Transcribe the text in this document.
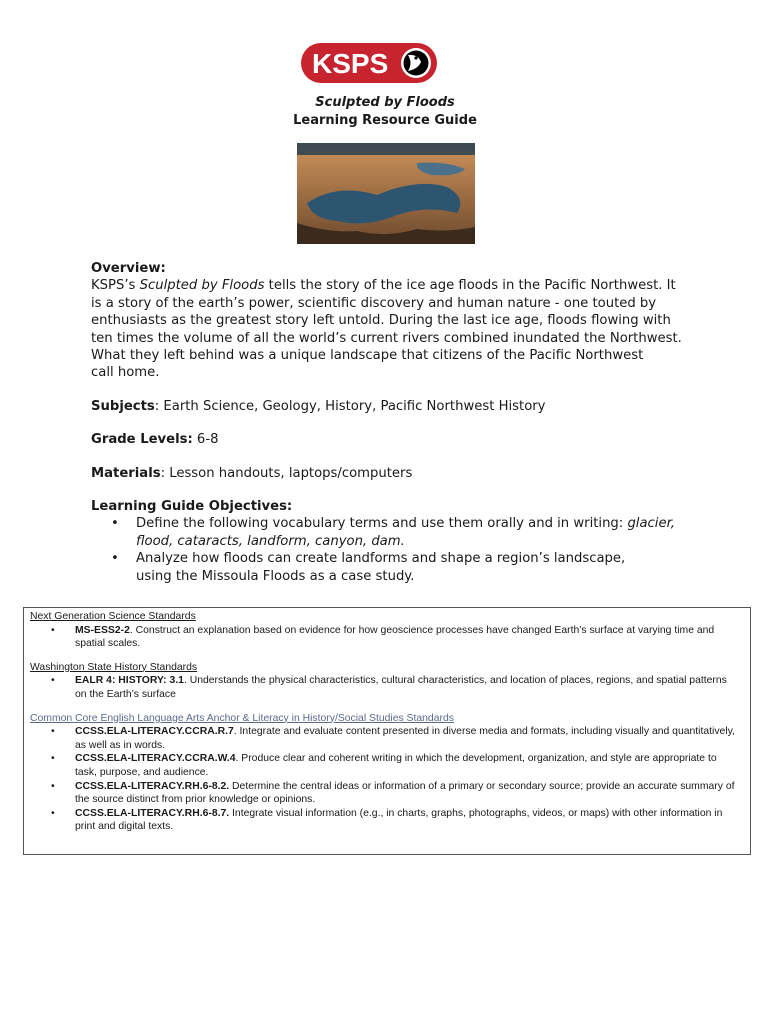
KSPS
Sculpted by Floods
Learning Resource Guide

Overview:

KSPS’s Sculpted by Floods tells the story of the ice age floods in the Pacific Northwest. It

is a story of the earth’s power, scientific discovery and human nature - one touted by

enthusiasts as the greatest story left untold. During the last ice age, floods flowing with

ten times the volume of all the world’s current rivers combined inundated the Northwest.

What they left behind was a unique landscape that citizens of the Pacific Northwest

call home.

Subjects: Earth Science, Geology, History, Pacific Northwest History

Grade Levels: 6-8

Materials: Lesson handouts, laptops/computers

Learning Guide Objectives:

• Define the following vocabulary terms and use them orally and in writing: glacier,
flood, cataracts, landform, canyon, dam.
• Analyze how floods can create landforms and shape a region’s landscape,
using the Missoula Floods as a case study.

Next Generation Science Standards

• MS-ESS2-2. Construct an explanation based on evidence for how geoscience processes have changed Earth’s surface at varying time and spatial scales.

Washington State History Standards

• EALR 4: HISTORY: 3.1. Understands the physical characteristics, cultural characteristics, and location of places, regions, and spatial patterns on the Earth’s surface

Common Core English Language Arts Anchor & Literacy in History/Social Studies Standards

• CCSS.ELA-LITERACY.CCRA.R.7. Integrate and evaluate content presented in diverse media and formats, including visually and quantitatively, as well as in words.
• CCSS.ELA-LITERACY.CCRA.W.4. Produce clear and coherent writing in which the development, organization, and style are appropriate to task, purpose, and audience.
• CCSS.ELA-LITERACY.RH.6-8.2. Determine the central ideas or information of a primary or secondary source; provide an accurate summary of the source distinct from prior knowledge or opinions.
• CCSS.ELA-LITERACY.RH.6-8.7. Integrate visual information (e.g., in charts, graphs, photographs, videos, or maps) with other information in print and digital texts.
